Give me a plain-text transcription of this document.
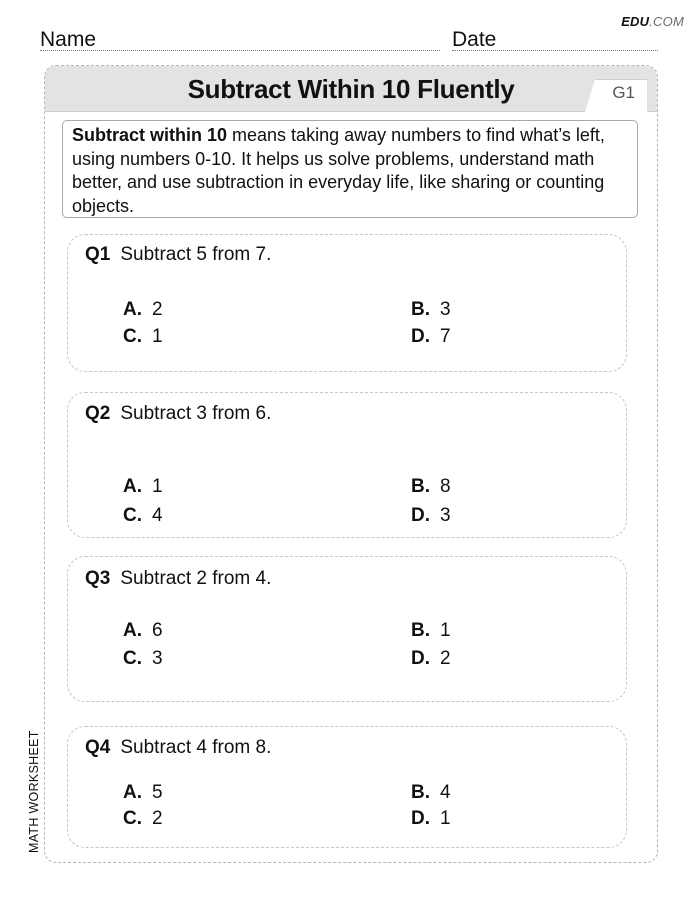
EDU.COM
Name	Date
Subtract Within 10 Fluently	G1
Subtract within 10 means taking away numbers to find what’s left, using numbers 0-10. It helps us solve problems, understand math better, and use subtraction in everyday life, like sharing or counting objects.
Q1 Subtract 5 from 7.
A. 2	B. 3
C. 1	D. 7
Q2 Subtract 3 from 6.
A. 1	B. 8
C. 4	D. 3
Q3 Subtract 2 from 4.
A. 6	B. 1
C. 3	D. 2
Q4 Subtract 4 from 8.
A. 5	B. 4
C. 2	D. 1
MATH WORKSHEET
